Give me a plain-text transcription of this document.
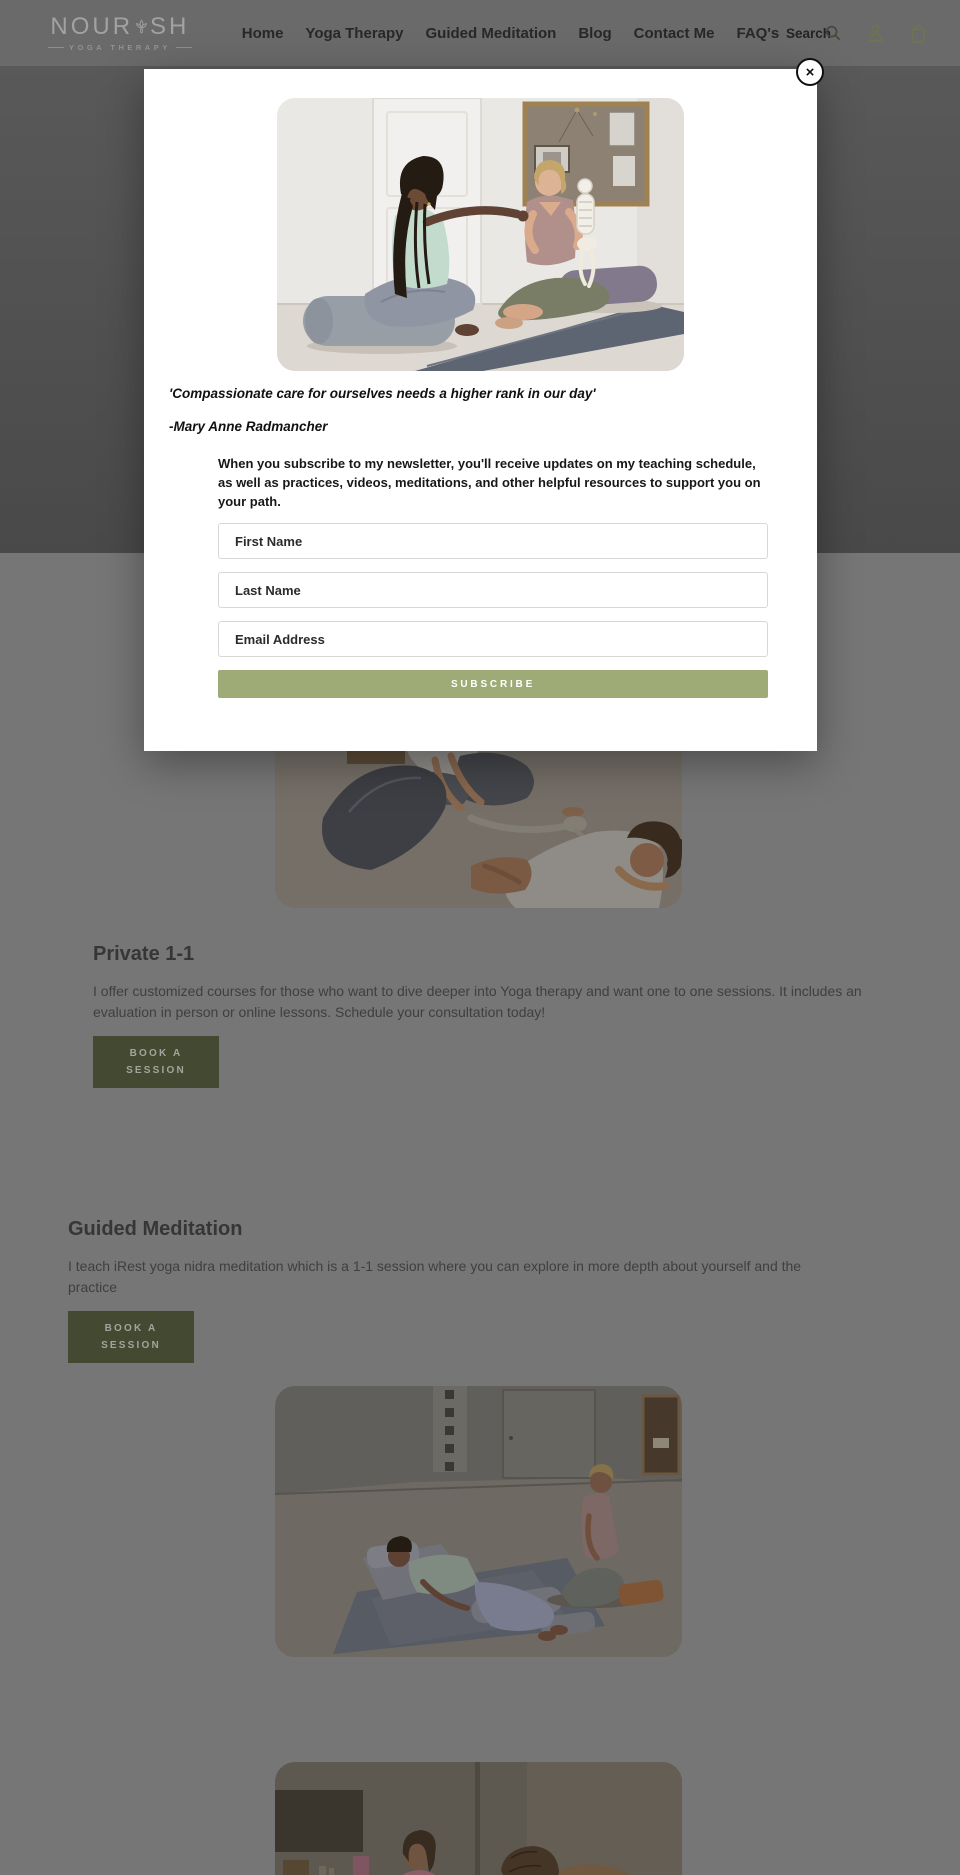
NOUR SH
YOGA THERAPY
Home Yoga Therapy Guided Meditation Blog Contact Me FAQ's Search
Private 1-1

I offer customized courses for those who want to dive deeper into Yoga therapy and want one to one sessions. It includes an evaluation in person or online lessons. Schedule your consultation today!

BOOK A SESSION
Guided Meditation

I teach iRest yoga nidra meditation which is a 1-1 session where you can explore in more depth about yourself and the practice

BOOK A SESSION

'Compassionate care for ourselves needs a higher rank in our day'

-Mary Anne Radmancher

When you subscribe to my newsletter, you'll receive updates on my teaching schedule, as well as practices, videos, meditations, and other helpful resources to support you on your path.

First Name
Last Name
Email Address
SUBSCRIBE
×
